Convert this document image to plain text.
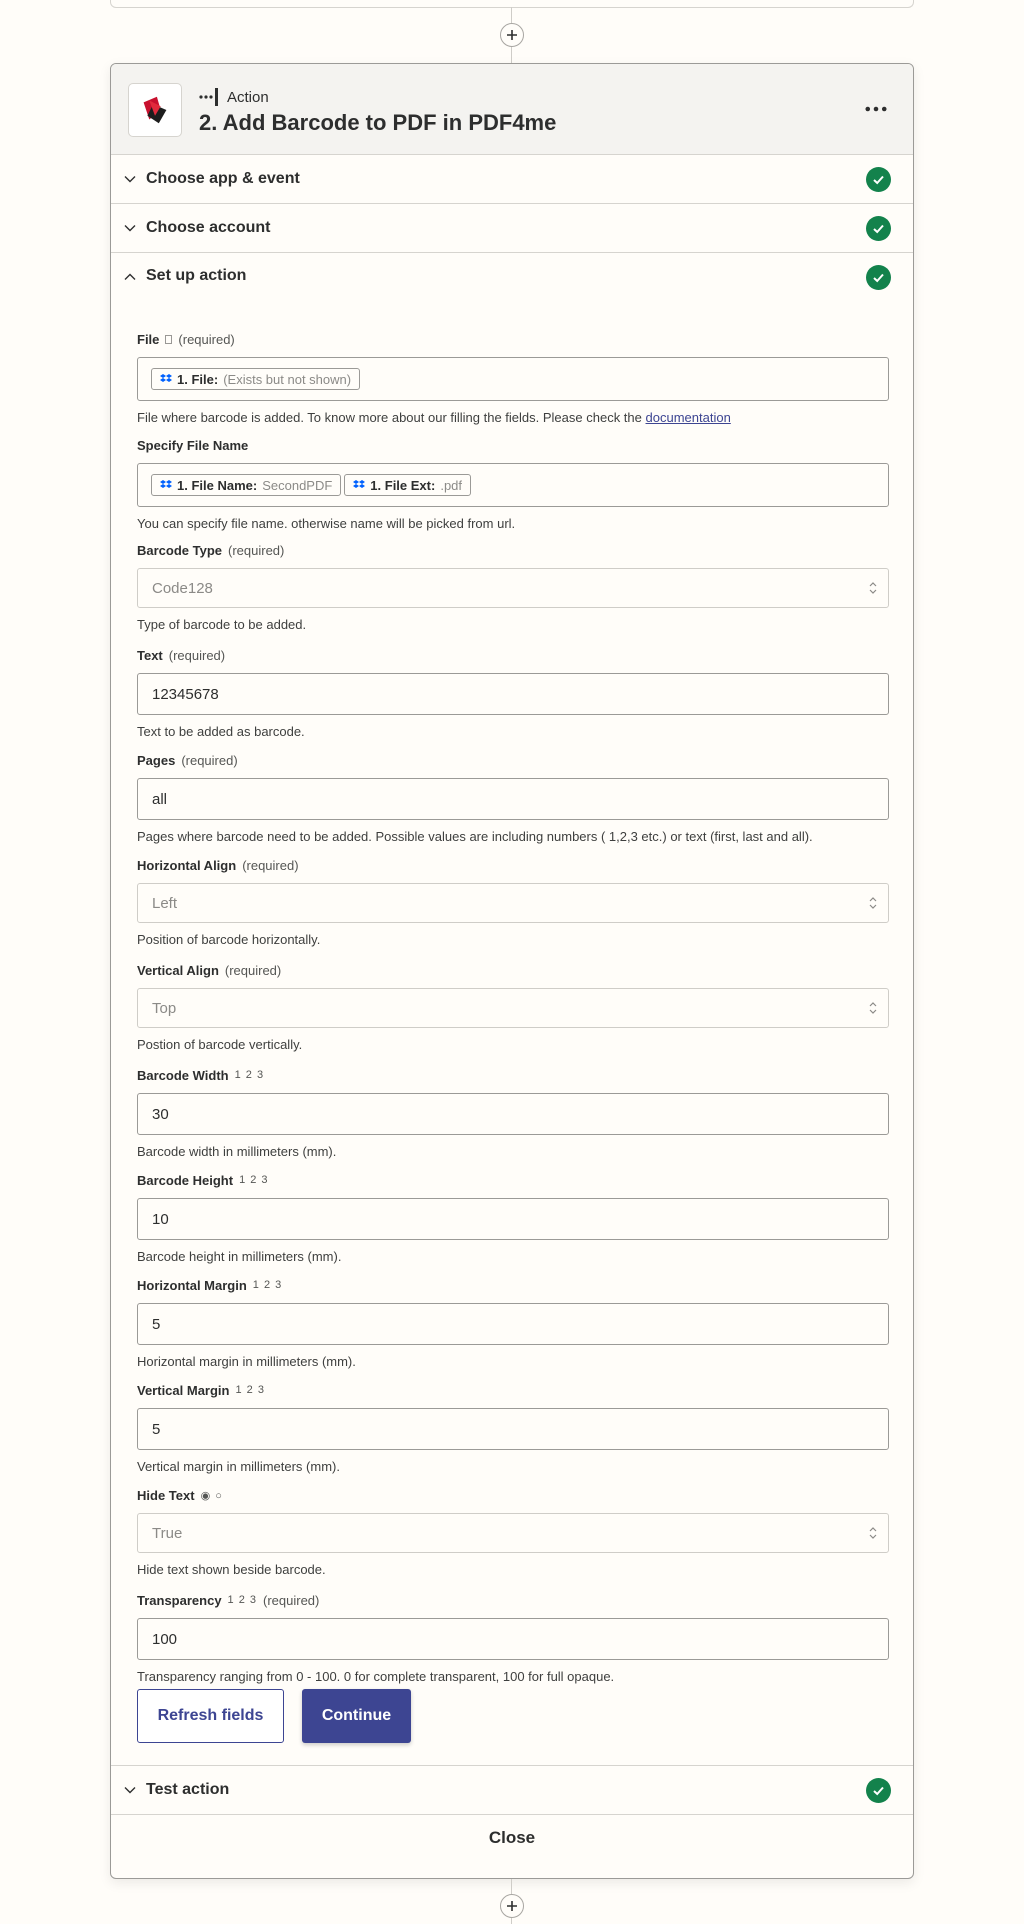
Action
2. Add Barcode to PDF in PDF4me
Choose app & event
Choose account
Set up action
File (required)
1. File: (Exists but not shown)
File where barcode is added. To know more about our filling the fields. Please check the documentation
Specify File Name
1. File Name: SecondPDF	1. File Ext: .pdf
You can specify file name. otherwise name will be picked from url.
Barcode Type (required)
Code128
Type of barcode to be added.
Text (required)
12345678
Text to be added as barcode.
Pages (required)
all
Pages where barcode need to be added. Possible values are including numbers ( 1,2,3 etc.) or text (first, last and all).
Horizontal Align (required)
Left
Position of barcode horizontally.
Vertical Align (required)
Top
Postion of barcode vertically.
Barcode Width 1 2 3
30
Barcode width in millimeters (mm).
Barcode Height 1 2 3
10
Barcode height in millimeters (mm).
Horizontal Margin 1 2 3
5
Horizontal margin in millimeters (mm).
Vertical Margin 1 2 3
5
Vertical margin in millimeters (mm).
Hide Text ◉ ○
True
Hide text shown beside barcode.
Transparency 1 2 3 (required)
100
Transparency ranging from 0 - 100. 0 for complete transparent, 100 for full opaque.
Refresh fields	Continue
Test action
Close
